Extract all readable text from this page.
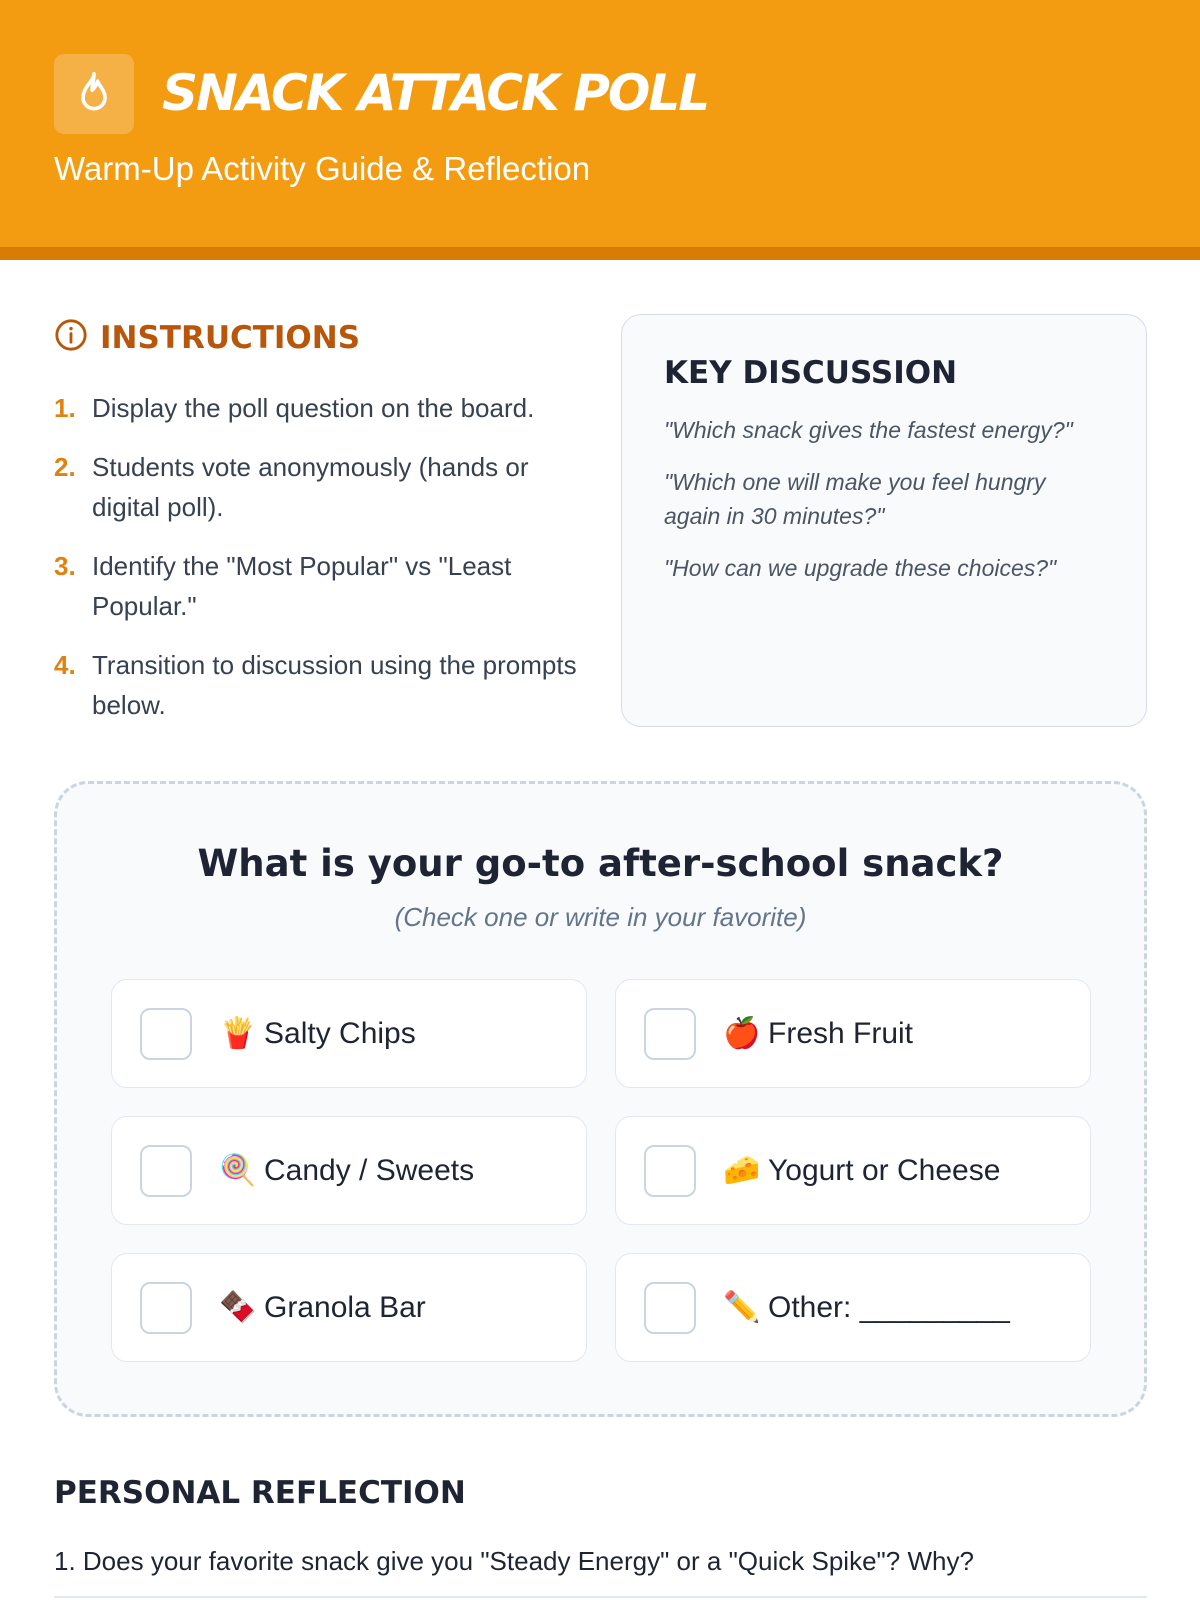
SNACK ATTACK POLL
Warm-Up Activity Guide & Reflection
INSTRUCTIONS
1. Display the poll question on the board.
2. Students vote anonymously (hands or digital poll).
3. Identify the "Most Popular" vs "Least Popular."
4. Transition to discussion using the prompts below.
KEY DISCUSSION

"Which snack gives the fastest energy?"

"Which one will make you feel hungry again in 30 minutes?"

"How can we upgrade these choices?"

What is your go-to after-school snack?

(Check one or write in your favorite)

🍟 Salty Chips	🍎 Fresh Fruit
🍭 Candy / Sweets	🧀 Yogurt or Cheese
🍫 Granola Bar	✏️ Other: _________
PERSONAL REFLECTION

1. Does your favorite snack give you "Steady Energy" or a "Quick Spike"? Why?
